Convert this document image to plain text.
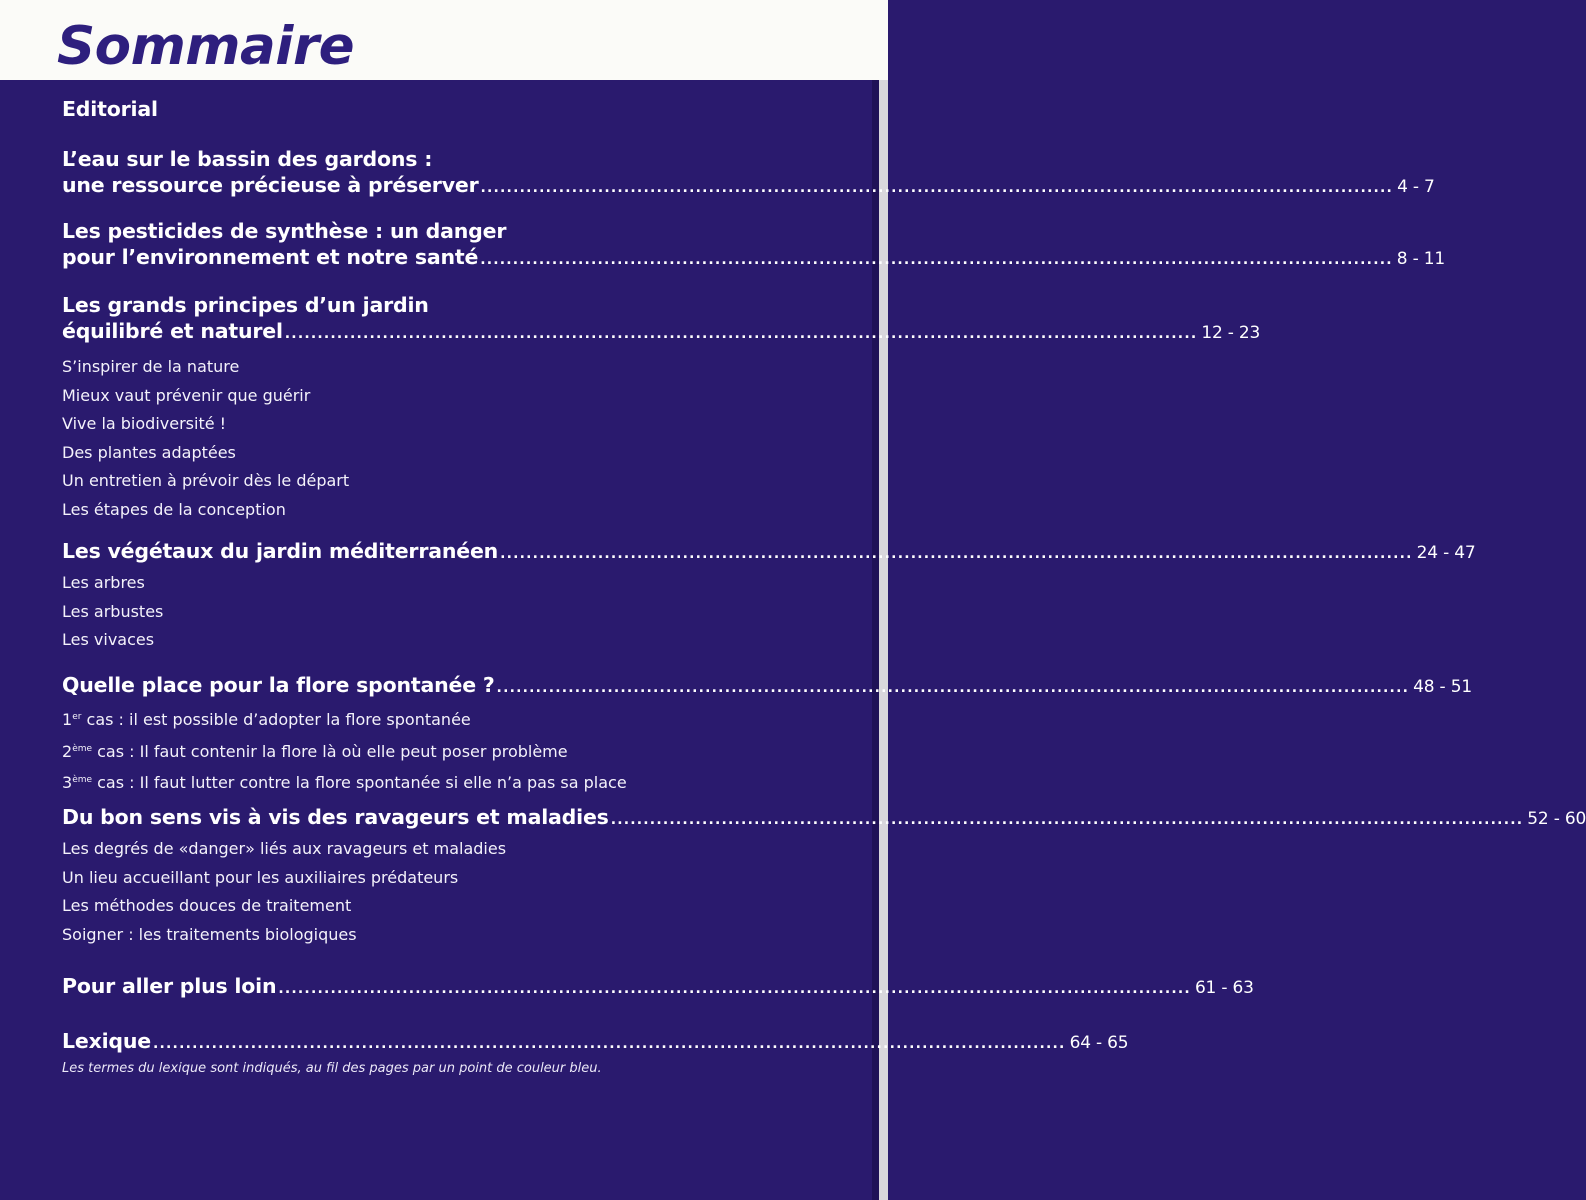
Sommaire
Editorial
L’eau sur le bassin des gardons :
une ressource précieuse à préserver ............................................................................................................................................ 4 - 7
Les pesticides de synthèse : un danger
pour l’environnement et notre santé ............................................................................................................................................ 8 - 11
Les grands principes d’un jardin
équilibré et naturel ............................................................................................................................................ 12 - 23
S’inspirer de la nature
Mieux vaut prévenir que guérir
Vive la biodiversité !
Des plantes adaptées
Un entretien à prévoir dès le départ
Les étapes de la conception
Les végétaux du jardin méditerranéen ............................................................................................................................................ 24 - 47
Les arbres
Les arbustes
Les vivaces
Quelle place pour la flore spontanée ? ............................................................................................................................................ 48 - 51
1er cas : il est possible d’adopter la flore spontanée
2ème cas : Il faut contenir la flore là où elle peut poser problème
3ème cas : Il faut lutter contre la flore spontanée si elle n’a pas sa place
Du bon sens vis à vis des ravageurs et maladies ............................................................................................................................................ 52 - 60
Les degrés de «danger» liés aux ravageurs et maladies
Un lieu accueillant pour les auxiliaires prédateurs
Les méthodes douces de traitement
Soigner : les traitements biologiques
Pour aller plus loin ............................................................................................................................................ 61 - 63
Lexique ............................................................................................................................................ 64 - 65
Les termes du lexique sont indiqués, au fil des pages par un point de couleur bleu.
